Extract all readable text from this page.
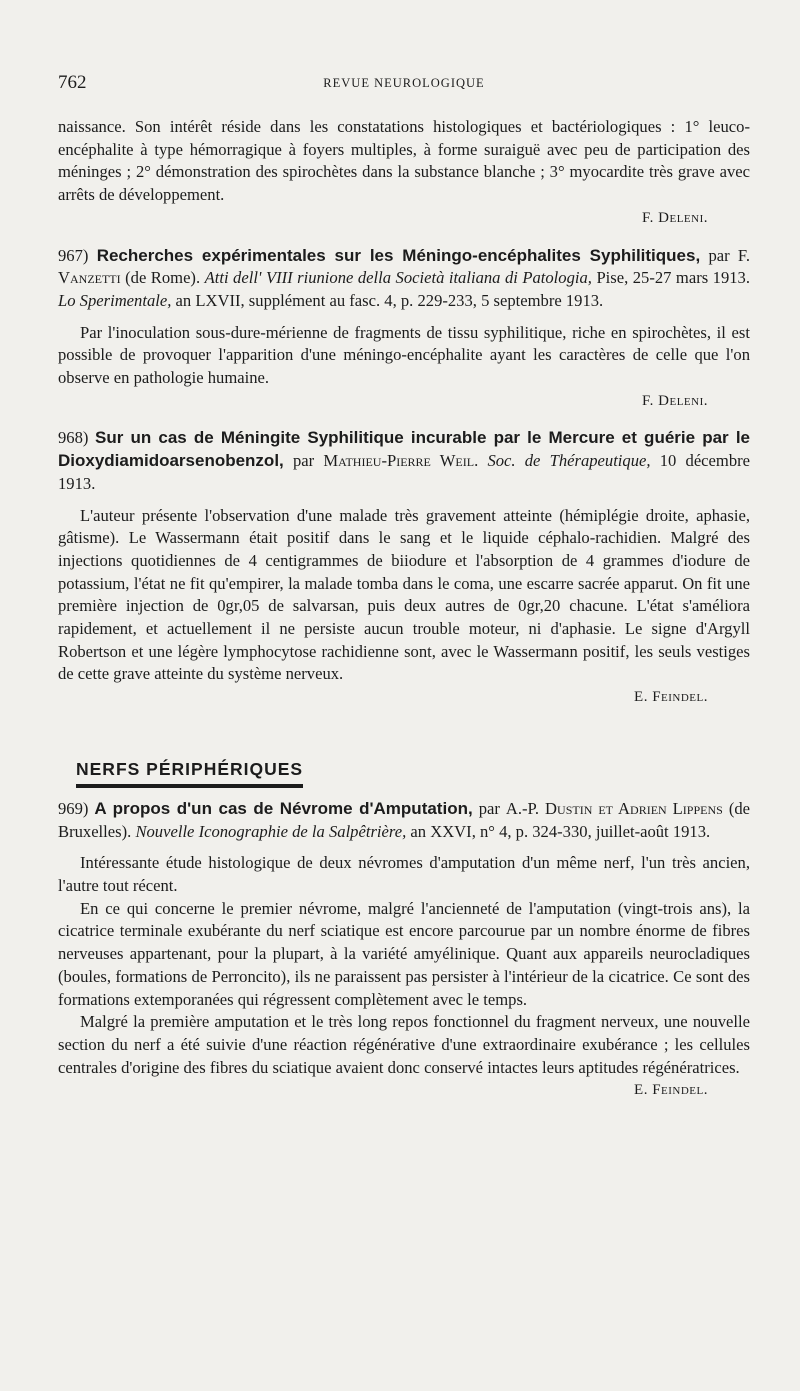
762	REVUE NEUROLOGIQUE

naissance. Son intérêt réside dans les constatations histologiques et bactériologiques : 1° leuco-encéphalite à type hémorragique à foyers multiples, à forme suraiguë avec peu de participation des méninges ; 2° démonstration des spirochètes dans la substance blanche ; 3° myocardite très grave avec arrêts de développement.

F. Deleni.
967) Recherches expérimentales sur les Méningo-encéphalites Syphilitiques, par F. Vanzetti (de Rome). Atti dell' VIII riunione della Società italiana di Patologia, Pise, 25-27 mars 1913. Lo Sperimentale, an LXVII, supplément au fasc. 4, p. 229-233, 5 septembre 1913.

Par l'inoculation sous-dure-mérienne de fragments de tissu syphilitique, riche en spirochètes, il est possible de provoquer l'apparition d'une méningo-encéphalite ayant les caractères de celle que l'on observe en pathologie humaine.

F. Deleni.
968) Sur un cas de Méningite Syphilitique incurable par le Mercure et guérie par le Dioxydiamidoarsenobenzol, par Mathieu-Pierre Weil. Soc. de Thérapeutique, 10 décembre 1913.

L'auteur présente l'observation d'une malade très gravement atteinte (hémiplégie droite, aphasie, gâtisme). Le Wassermann était positif dans le sang et le liquide céphalo-rachidien. Malgré des injections quotidiennes de 4 centigrammes de biiodure et l'absorption de 4 grammes d'iodure de potassium, l'état ne fit qu'empirer, la malade tomba dans le coma, une escarre sacrée apparut. On fit une première injection de 0gr,05 de salvarsan, puis deux autres de 0gr,20 chacune. L'état s'améliora rapidement, et actuellement il ne persiste aucun trouble moteur, ni d'aphasie. Le signe d'Argyll Robertson et une légère lymphocytose rachidienne sont, avec le Wassermann positif, les seuls vestiges de cette grave atteinte du système nerveux.

E. Feindel.
NERFS PÉRIPHÉRIQUES
969) A propos d'un cas de Névrome d'Amputation, par A.-P. Dustin et Adrien Lippens (de Bruxelles). Nouvelle Iconographie de la Salpêtrière, an XXVI, n° 4, p. 324-330, juillet-août 1913.

Intéressante étude histologique de deux névromes d'amputation d'un même nerf, l'un très ancien, l'autre tout récent.

En ce qui concerne le premier névrome, malgré l'ancienneté de l'amputation (vingt-trois ans), la cicatrice terminale exubérante du nerf sciatique est encore parcourue par un nombre énorme de fibres nerveuses appartenant, pour la plupart, à la variété amyélinique. Quant aux appareils neurocladiques (boules, formations de Perroncito), ils ne paraissent pas persister à l'intérieur de la cicatrice. Ce sont des formations extemporanées qui régressent complètement avec le temps.

Malgré la première amputation et le très long repos fonctionnel du fragment nerveux, une nouvelle section du nerf a été suivie d'une réaction régénérative d'une extraordinaire exubérance ; les cellules centrales d'origine des fibres du sciatique avaient donc conservé intactes leurs aptitudes régénératrices.

E. Feindel.
